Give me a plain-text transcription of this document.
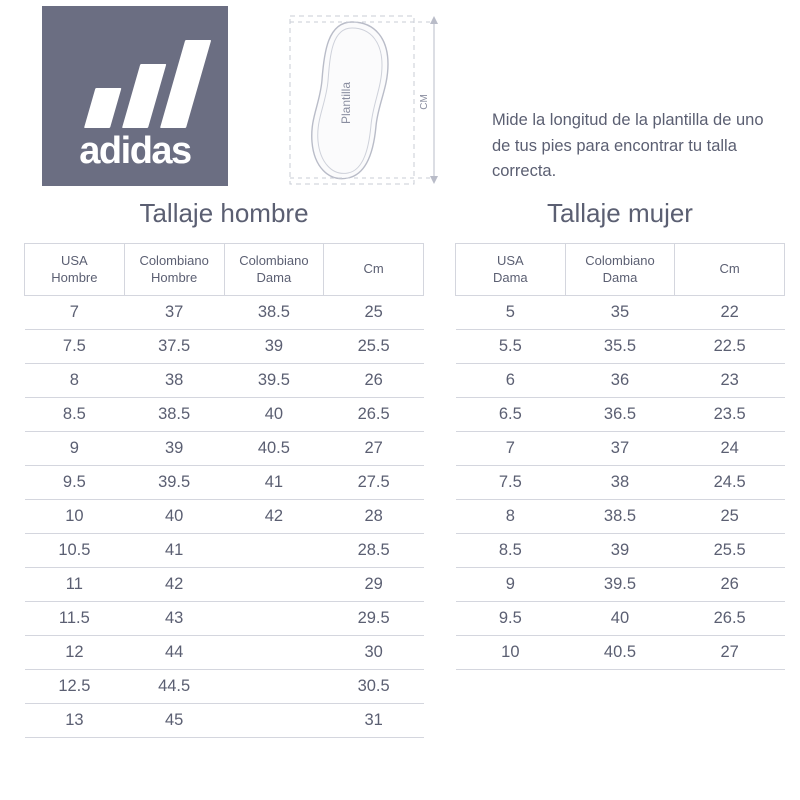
adidas
Plantilla	CM
Mide la longitud de la plantilla de uno de tus pies para encontrar tu talla correcta.
Tallaje hombre
USA
Hombre

Colombiano
Hombre

Colombiano
Dama

Cm

7	37	38.5	25
7.5	37.5	39	25.5
8	38	39.5	26
8.5	38.5	40	26.5
9	39	40.5	27
9.5	39.5	41	27.5
10	40	42	28
10.5	41		28.5
11	42		29
11.5	43		29.5
12	44		30
12.5	44.5		30.5
13	45		31
Tallaje mujer
USA
Dama

Colombiano
Dama

Cm

5	35	22
5.5	35.5	22.5
6	36	23
6.5	36.5	23.5
7	37	24
7.5	38	24.5
8	38.5	25
8.5	39	25.5
9	39.5	26
9.5	40	26.5
10	40.5	27
